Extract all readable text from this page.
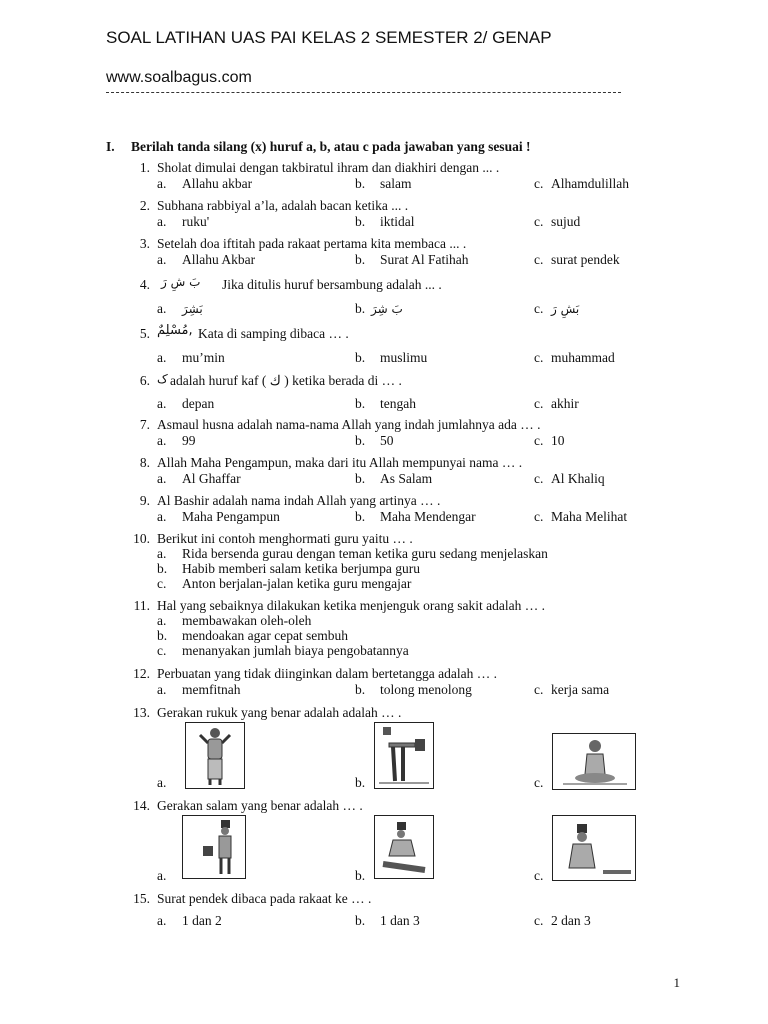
SOAL LATIHAN UAS PAI KELAS 2 SEMESTER 2/ GENAP
www.soalbagus.com
I. Berilah tanda silang (x) huruf a, b, atau c pada jawaban yang sesuai !
1. Sholat dimulai dengan takbiratul ihram dan diakhiri dengan ... .
a. Allahu akbar	b. salam	c. Alhamdulillah
2. Subhana rabbiyal a’la, adalah bacan ketika ... .
a. ruku'	b. iktidal	c. sujud
3. Setelah doa iftitah pada rakaat pertama kita membaca ... .
a. Allahu Akbar	b. Surat Al Fatihah	c. surat pendek
4. بَ شِ رَ Jika ditulis huruf bersambung adalah ... .
a. بَشِرَ	b. بَ شِرَ	c. بَشِ رَ
5. مُسْلِمٌ, Kata di samping dibaca … .
a. mu’min	b. muslimu	c. muhammad
6. ک adalah huruf kaf ( ك ) ketika berada di … .
a. depan	b. tengah	c. akhir
7. Asmaul husna adalah nama-nama Allah yang indah jumlahnya ada … .
a. 99	b. 50	c. 10
8. Allah Maha Pengampun, maka dari itu Allah mempunyai nama … .
a. Al Ghaffar	b. As Salam	c. Al Khaliq
9. Al Bashir adalah nama indah Allah yang artinya … .
a. Maha Pengampun	b. Maha Mendengar	c. Maha Melihat
10. Berikut ini contoh menghormati guru yaitu … .
a. Rida bersenda gurau dengan teman ketika guru sedang menjelaskan
b. Habib memberi salam ketika berjumpa guru
c. Anton berjalan-jalan ketika guru mengajar
11. Hal yang sebaiknya dilakukan ketika menjenguk orang sakit adalah … .
a. membawakan oleh-oleh
b. mendoakan agar cepat sembuh
c. menanyakan jumlah biaya pengobatannya
12. Perbuatan yang tidak diinginkan dalam bertetangga adalah … .
a. memfitnah	b. tolong menolong	c. kerja sama
13. Gerakan rukuk yang benar adalah adalah … .
a.	b.	c.
14. Gerakan salam yang benar adalah … .
a.	b.	c.
15. Surat pendek dibaca pada rakaat ke … .
a. 1 dan 2	b. 1 dan 3	c. 2 dan 3
1
